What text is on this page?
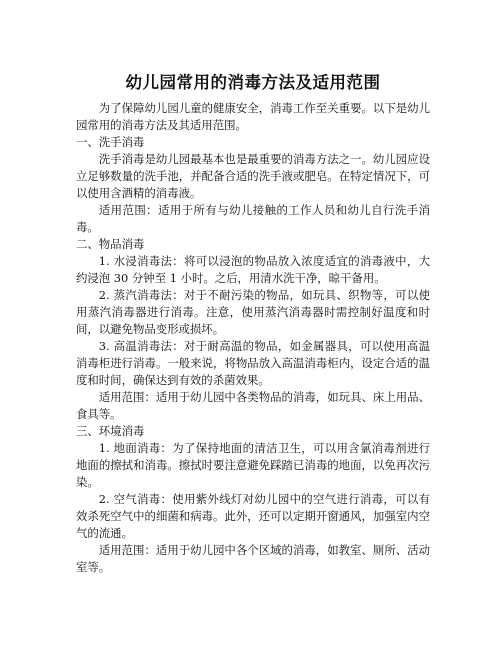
幼儿园常用的消毒方法及适用范围

为了保障幼儿园儿童的健康安全，消毒工作至关重要。以下是幼儿园常用的消毒方法及其适用范围。

一、洗手消毒

洗手消毒是幼儿园最基本也是最重要的消毒方法之一。幼儿园应设立足够数量的洗手池，并配备合适的洗手液或肥皂。在特定情况下，可以使用含酒精的消毒液。

适用范围：适用于所有与幼儿接触的工作人员和幼儿自行洗手消毒。

二、物品消毒

1. 水浸消毒法：将可以浸泡的物品放入浓度适宜的消毒液中，大约浸泡 30 分钟至 1 小时。之后，用清水洗干净，晾干备用。

2. 蒸汽消毒法：对于不耐污染的物品，如玩具、织物等，可以使用蒸汽消毒器进行消毒。注意，使用蒸汽消毒器时需控制好温度和时间，以避免物品变形或损坏。

3. 高温消毒法：对于耐高温的物品，如金属器具，可以使用高温消毒柜进行消毒。一般来说，将物品放入高温消毒柜内，设定合适的温度和时间，确保达到有效的杀菌效果。

适用范围：适用于幼儿园中各类物品的消毒，如玩具、床上用品、食具等。

三、环境消毒

1. 地面消毒：为了保持地面的清洁卫生，可以用含氯消毒剂进行地面的擦拭和消毒。擦拭时要注意避免踩踏已消毒的地面，以免再次污染。

2. 空气消毒：使用紫外线灯对幼儿园中的空气进行消毒，可以有效杀死空气中的细菌和病毒。此外，还可以定期开窗通风，加强室内空气的流通。

适用范围：适用于幼儿园中各个区域的消毒，如教室、厕所、活动室等。
